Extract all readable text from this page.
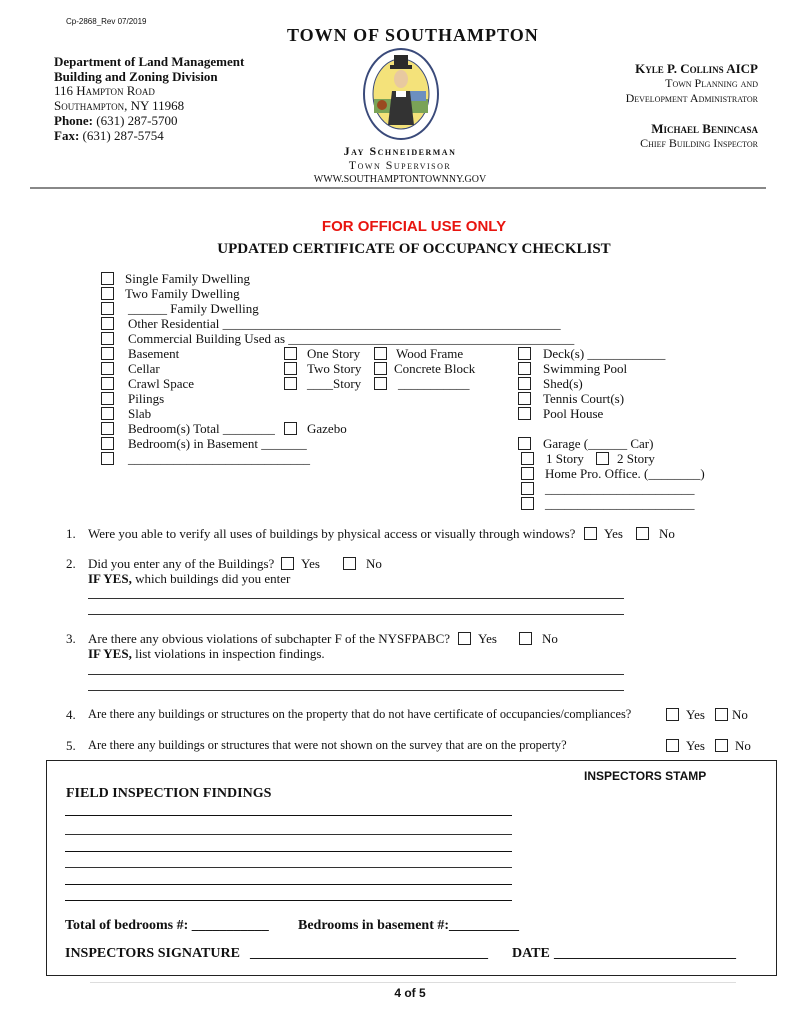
Cp-2868_Rev 07/2019
TOWN OF SOUTHAMPTON
Department of Land Management
Building and Zoning Division
116 Hampton Road
Southampton, NY 11968
Phone: (631) 287-5700
Fax: (631) 287-5754
Jay Schneiderman
Town Supervisor
WWW.SOUTHAMPTONTOWNNY.GOV
Kyle P. Collins AICP
Town Planning and
Development Administrator
Michael Benincasa
Chief Building Inspector
FOR OFFICIAL USE ONLY
UPDATED CERTIFICATE OF OCCUPANCY CHECKLIST
Single Family Dwelling
Two Family Dwelling
______ Family Dwelling
Other Residential ____________________________________________________
Commercial Building Used as ____________________________________________
Basement
Cellar
Crawl Space
Pilings
Slab
Bedroom(s) Total ________
Bedroom(s) in Basement _______
____________________________
One Story
Two Story
____Story
Gazebo
Wood Frame
Concrete Block
___________
Deck(s) ____________
Swimming Pool
Shed(s)
Tennis Court(s)
Pool House
Garage (______ Car)
1 Story	2 Story
Home Pro. Office. (________)
_______________________
_______________________
1. Were you able to verify all uses of buildings by physical access or visually through windows? Yes	No
2. Did you enter any of the Buildings? Yes	No
IF YES, which buildings did you enter
3. Are there any obvious violations of subchapter F of the NYSFPABC? Yes	No
IF YES, list violations in inspection findings.
4. Are there any buildings or structures on the property that do not have certificate of occupancies/compliances?	Yes No
5. Are there any buildings or structures that were not shown on the survey that are on the property?	Yes No
INSPECTORS STAMP
FIELD INSPECTION FINDINGS
Total of bedrooms #: ___________ Bedrooms in basement #:__________
INSPECTORS SIGNATURE __________________________________ DATE __________________________
4 of 5
